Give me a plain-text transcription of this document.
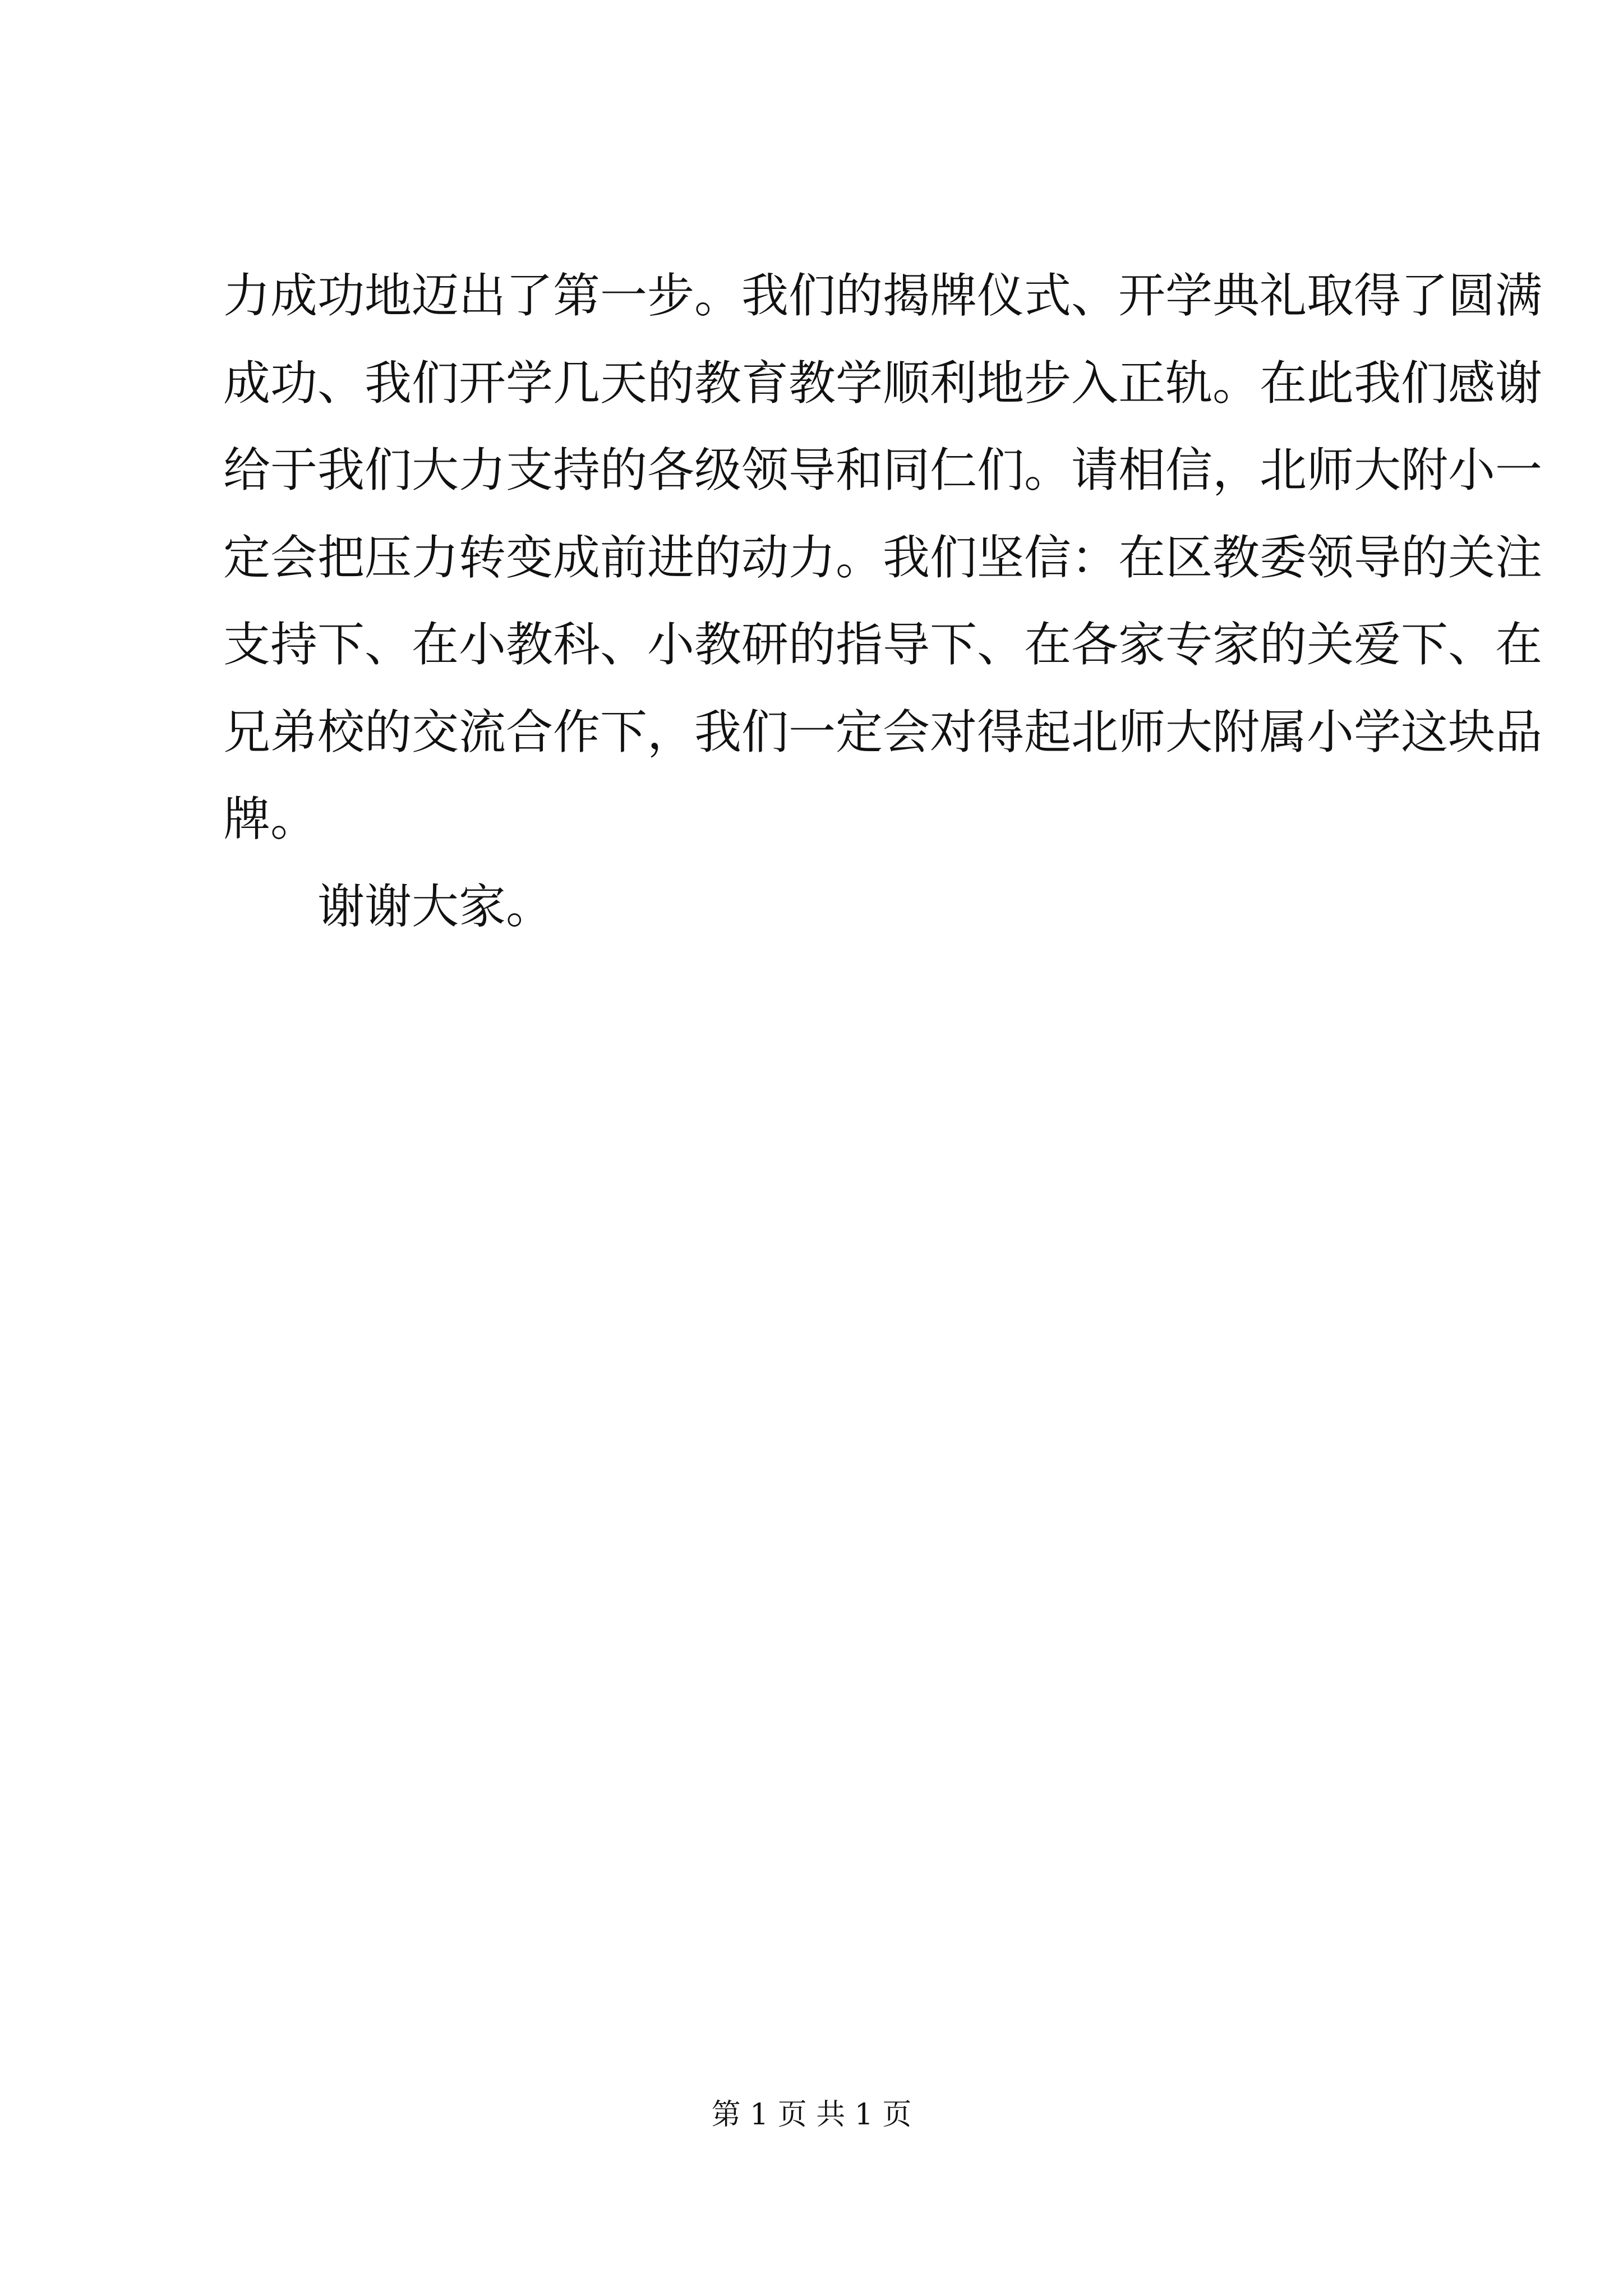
力成功地迈出了第一步。我们的揭牌仪式、开学典礼取得了圆满
成功、我们开学几天的教育教学顺利地步入正轨。在此我们感谢
给于我们大力支持的各级领导和同仁们。请相信，北师大附小一
定会把压力转变成前进的动力。我们坚信：在区教委领导的关注
支持下、在小教科、小教研的指导下、在各家专家的关爱下、在
兄弟校的交流合作下，我们一定会对得起北师大附属小学这块品
牌。
谢谢大家。
第 1 页 共 1 页
